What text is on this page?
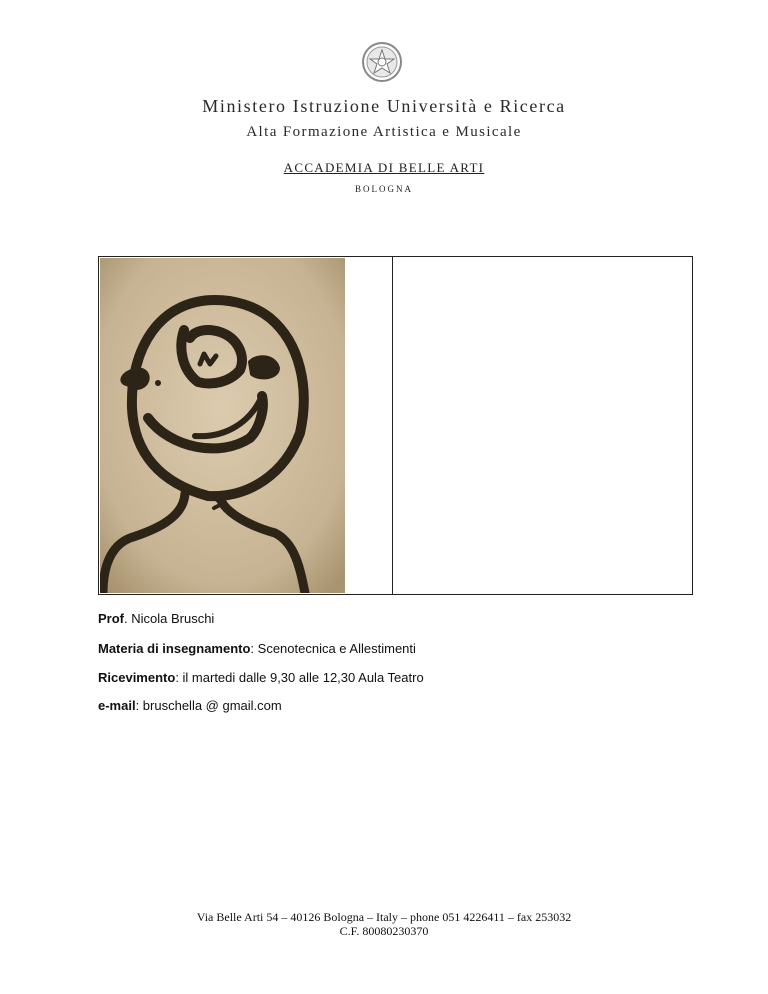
Ministero Istruzione Università e Ricerca
Alta Formazione Artistica e Musicale
ACCADEMIA DI BELLE ARTI
BOLOGNA
Prof. Nicola Bruschi
Materia di insegnamento: Scenotecnica e Allestimenti
Ricevimento: il martedi dalle 9,30 alle 12,30 Aula Teatro
e-mail: bruschella @ gmail.com
Via Belle Arti 54 – 40126 Bologna – Italy – phone 051 4226411 – fax 253032
C.F. 80080230370
